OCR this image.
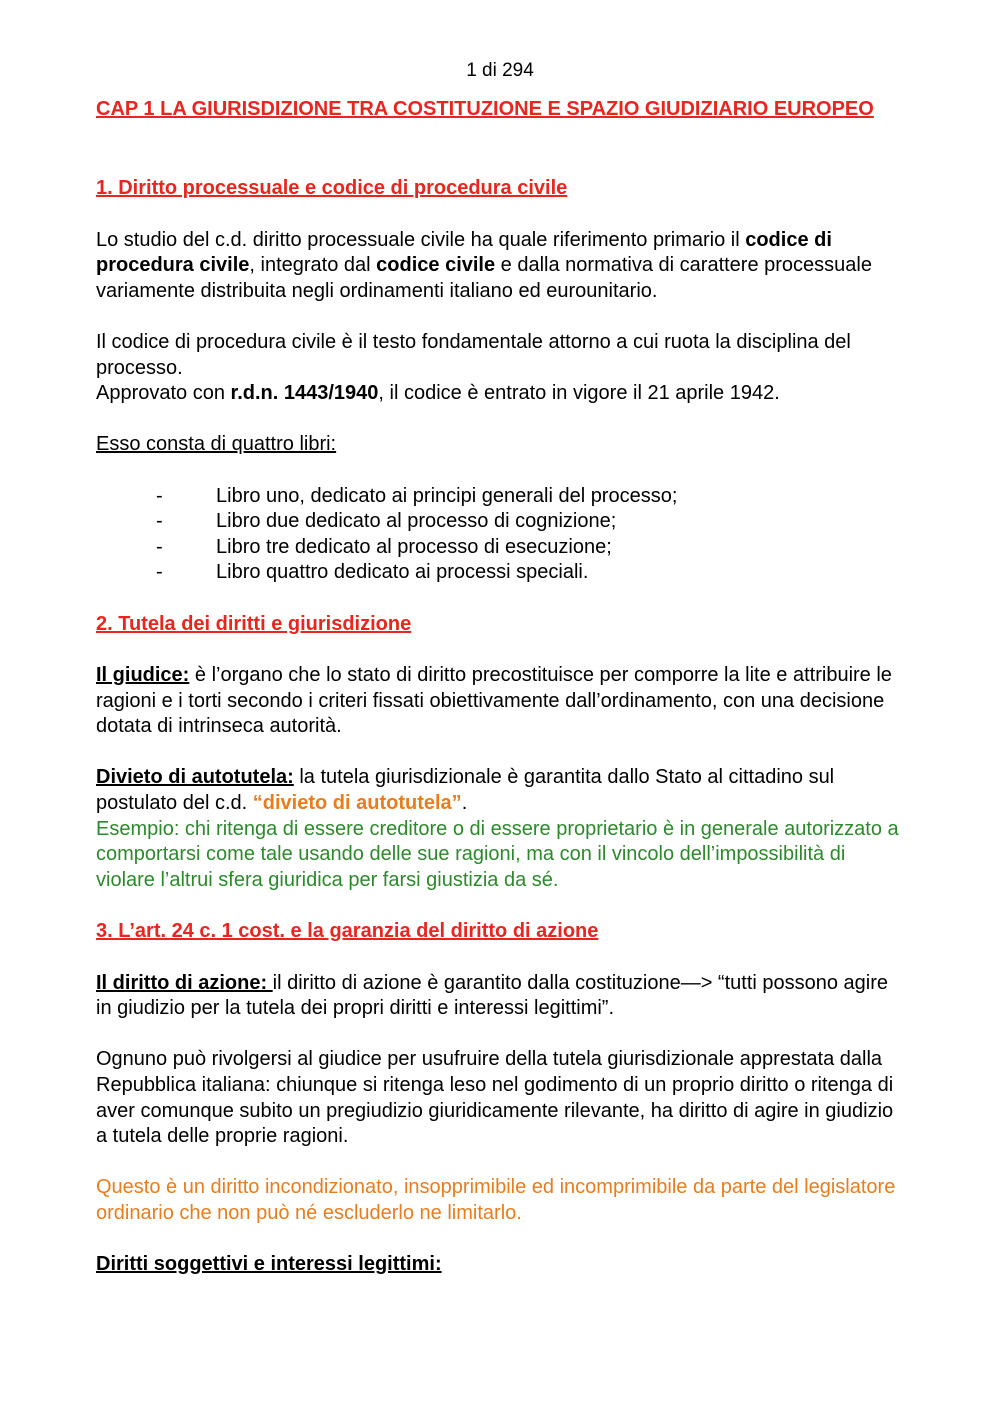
1 di 294
CAP 1 LA GIURISDIZIONE TRA COSTITUZIONE E SPAZIO GIUDIZIARIO EUROPEO
1. Diritto processuale e codice di procedura civile

Lo studio del c.d. diritto processuale civile ha quale riferimento primario il codice di procedura civile, integrato dal codice civile e dalla normativa di carattere processuale variamente distribuita negli ordinamenti italiano ed eurounitario.

Il codice di procedura civile è il testo fondamentale attorno a cui ruota la disciplina del processo.
Approvato con r.d.n. 1443/1940, il codice è entrato in vigore il 21 aprile 1942.

Esso consta di quattro libri:

-	Libro uno, dedicato ai principi generali del processo;
-	Libro due dedicato al processo di cognizione;
-	Libro tre dedicato al processo di esecuzione;
-	Libro quattro dedicato ai processi speciali.
2. Tutela dei diritti e giurisdizione

Il giudice: è l’organo che lo stato di diritto precostituisce per comporre la lite e attribuire le ragioni e i torti secondo i criteri fissati obiettivamente dall’ordinamento, con una decisione dotata di intrinseca autorità.

Divieto di autotutela: la tutela giurisdizionale è garantita dallo Stato al cittadino sul postulato del c.d. “divieto di autotutela”.

Esempio: chi ritenga di essere creditore o di essere proprietario è in generale autorizzato a comportarsi come tale usando delle sue ragioni, ma con il vincolo dell’impossibilità di violare l’altrui sfera giuridica per farsi giustizia da sé.

3. L’art. 24 c. 1 cost. e la garanzia del diritto di azione

Il diritto di azione: il diritto di azione è garantito dalla costituzione—> “tutti possono agire in giudizio per la tutela dei propri diritti e interessi legittimi”.

Ognuno può rivolgersi al giudice per usufruire della tutela giurisdizionale apprestata dalla Repubblica italiana: chiunque si ritenga leso nel godimento di un proprio diritto o ritenga di aver comunque subito un pregiudizio giuridicamente rilevante, ha diritto di agire in giudizio a tutela delle proprie ragioni.

Questo è un diritto incondizionato, insopprimibile ed incomprimibile da parte del legislatore ordinario che non può né escluderlo ne limitarlo.

Diritti soggettivi e interessi legittimi:
